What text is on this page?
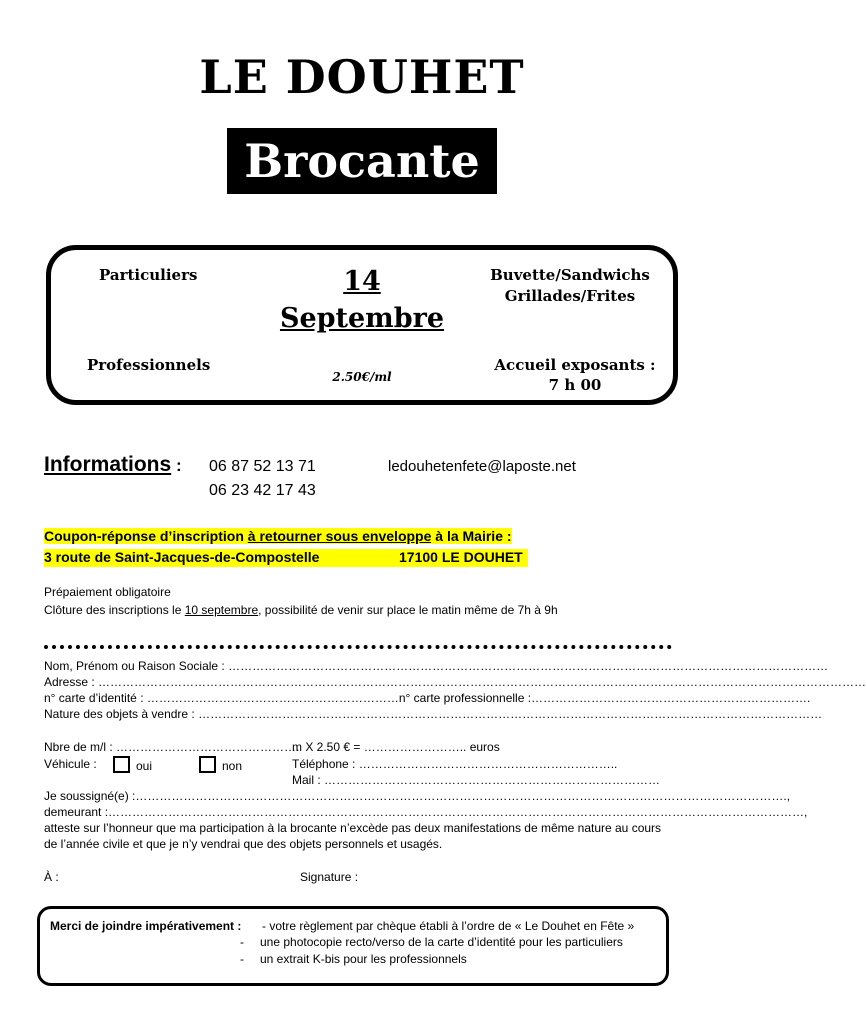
LE DOUHET
Brocante
Particuliers
Professionnels
14
Septembre
2.50€/ml
Buvette/Sandwichs
Grillades/Frites
Accueil exposants :
7 h 00
Informations : 06 87 52 13 71
06 23 42 17 43
ledouhetenfete@laposte.net
Coupon-réponse d’inscription à retourner sous enveloppe à la Mairie :
3 route de Saint-Jacques-de-Compostelle	17100 LE DOUHET
Prépaiement obligatoire
Clôture des inscriptions le 10 septembre, possibilité de venir sur place le matin même de 7h à 9h
Nom, Prénom ou Raison Sociale : ……………………………………………………………………………………………………………………………………
Adresse : …………………………………………………………………………………………………………………………………………………………………………
n° carte d’identité : ………………………………………………………n° carte professionnelle :…………………………………………………………….
Nature des objets à vendre : …………………………………………………………………………………………………………………………………………
Nbre de m/l : ……………………………………….
m X 2.50 € = …………………….. euros
Véhicule :	oui	non	Téléphone : ………………………………………………………..
Mail : …………………………………………………………………………
Je soussigné(e) :……………………………………………………………………………………………………………………………………………….,
demeurant :…………………………………………………………………………………………………………………………………………………………,
atteste sur l’honneur que ma participation à la brocante n’excède pas deux manifestations de même nature au cours
de l’année civile et que je n’y vendrai que des objets personnels et usagés.
À :	Signature :
Merci de joindre impérativement : - votre règlement par chèque établi à l’ordre de « Le Douhet en Fête »
- une photocopie recto/verso de la carte d’identité pour les particuliers
- un extrait K-bis pour les professionnels
